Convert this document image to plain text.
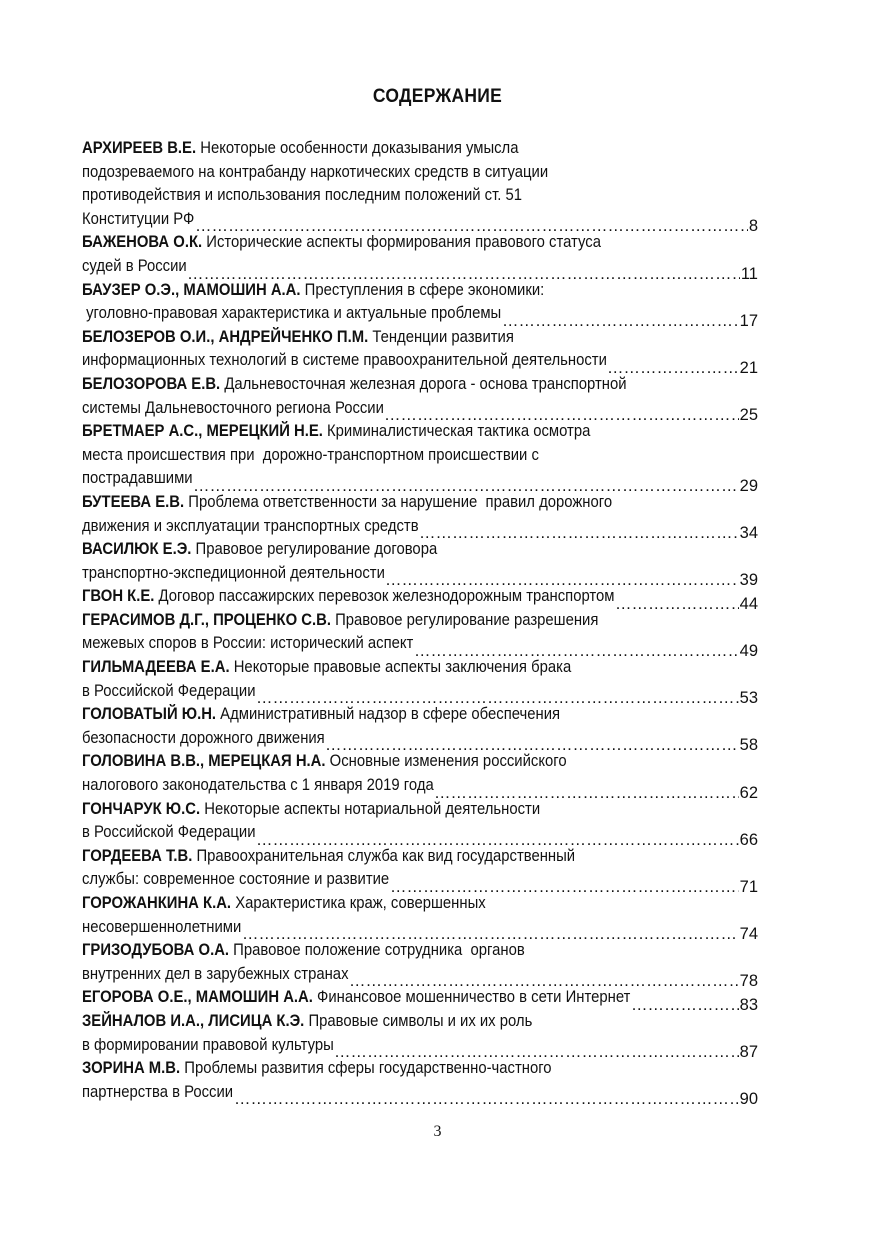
СОДЕРЖАНИЕ
АРХИРЕЕВ В.Е. Некоторые особенности доказывания умысла
подозреваемого на контрабанду наркотических средств в ситуации
противодействия и использования последним положений ст. 51
Конституции РФ ……………………………………………………………………………………………………………………………………………………………………	8
БАЖЕНОВА О.К. Исторические аспекты формирования правового статуса
судей в России ……………………………………………………………………………………………………………………………………………………………………	11
БАУЗЕР О.Э., МАМОШИН А.А. Преступления в сфере экономики:
уголовно-правовая характеристика и актуальные проблемы ……………………………………………………………………………………………………………………………………………………………………	17
БЕЛОЗЕРОВ О.И., АНДРЕЙЧЕНКО П.М. Тенденции развития
информационных технологий в системе правоохранительной деятельности ……………………………………………………………………………………………………………………………………………………………………	21
БЕЛОЗОРОВА Е.В. Дальневосточная железная дорога - основа транспортной
системы Дальневосточного региона России ……………………………………………………………………………………………………………………………………………………………………	25
БРЕТМАЕР А.С., МЕРЕЦКИЙ Н.Е. Криминалистическая тактика осмотра
места происшествия при  дорожно-транспортном происшествии с
пострадавшими ……………………………………………………………………………………………………………………………………………………………………	29
БУТЕЕВА Е.В. Проблема ответственности за нарушение  правил дорожного
движения и эксплуатации транспортных средств ……………………………………………………………………………………………………………………………………………………………………	34
ВАСИЛЮК Е.Э. Правовое регулирование договора
транспортно-экспедиционной деятельности ……………………………………………………………………………………………………………………………………………………………………	39
ГВОН К.Е. Договор пассажирских перевозок железнодорожным транспортом ……………………………………………………………………………………………………………………………………………………………………	44
ГЕРАСИМОВ Д.Г., ПРОЦЕНКО С.В. Правовое регулирование разрешения
межевых споров в России: исторический аспект ……………………………………………………………………………………………………………………………………………………………………	49
ГИЛЬМАДЕЕВА Е.А. Некоторые правовые аспекты заключения брака
в Российской Федерации ……………………………………………………………………………………………………………………………………………………………………	53
ГОЛОВАТЫЙ Ю.Н. Административный надзор в сфере обеспечения
безопасности дорожного движения ……………………………………………………………………………………………………………………………………………………………………	58
ГОЛОВИНА В.В., МЕРЕЦКАЯ Н.А. Основные изменения российского
налогового законодательства с 1 января 2019 года ……………………………………………………………………………………………………………………………………………………………………	62
ГОНЧАРУК Ю.С. Некоторые аспекты нотариальной деятельности
в Российской Федерации ……………………………………………………………………………………………………………………………………………………………………	66
ГОРДЕЕВА Т.В. Правоохранительная служба как вид государственный
службы: современное состояние и развитие ……………………………………………………………………………………………………………………………………………………………………	71
ГОРОЖАНКИНА К.А. Характеристика краж, совершенных
несовершеннолетними ……………………………………………………………………………………………………………………………………………………………………	74
ГРИЗОДУБОВА О.А. Правовое положение сотрудника  органов
внутренних дел в зарубежных странах ……………………………………………………………………………………………………………………………………………………………………	78
ЕГОРОВА О.Е., МАМОШИН А.А. Финансовое мошенничество в сети Интернет ……………………………………………………………………………………………………………………………………………………………………	83
ЗЕЙНАЛОВ И.А., ЛИСИЦА К.Э. Правовые символы и их их роль
в формировании правовой культуры ……………………………………………………………………………………………………………………………………………………………………	87
ЗОРИНА М.В. Проблемы развития сферы государственно-частного
партнерства в России ……………………………………………………………………………………………………………………………………………………………………	90
3
